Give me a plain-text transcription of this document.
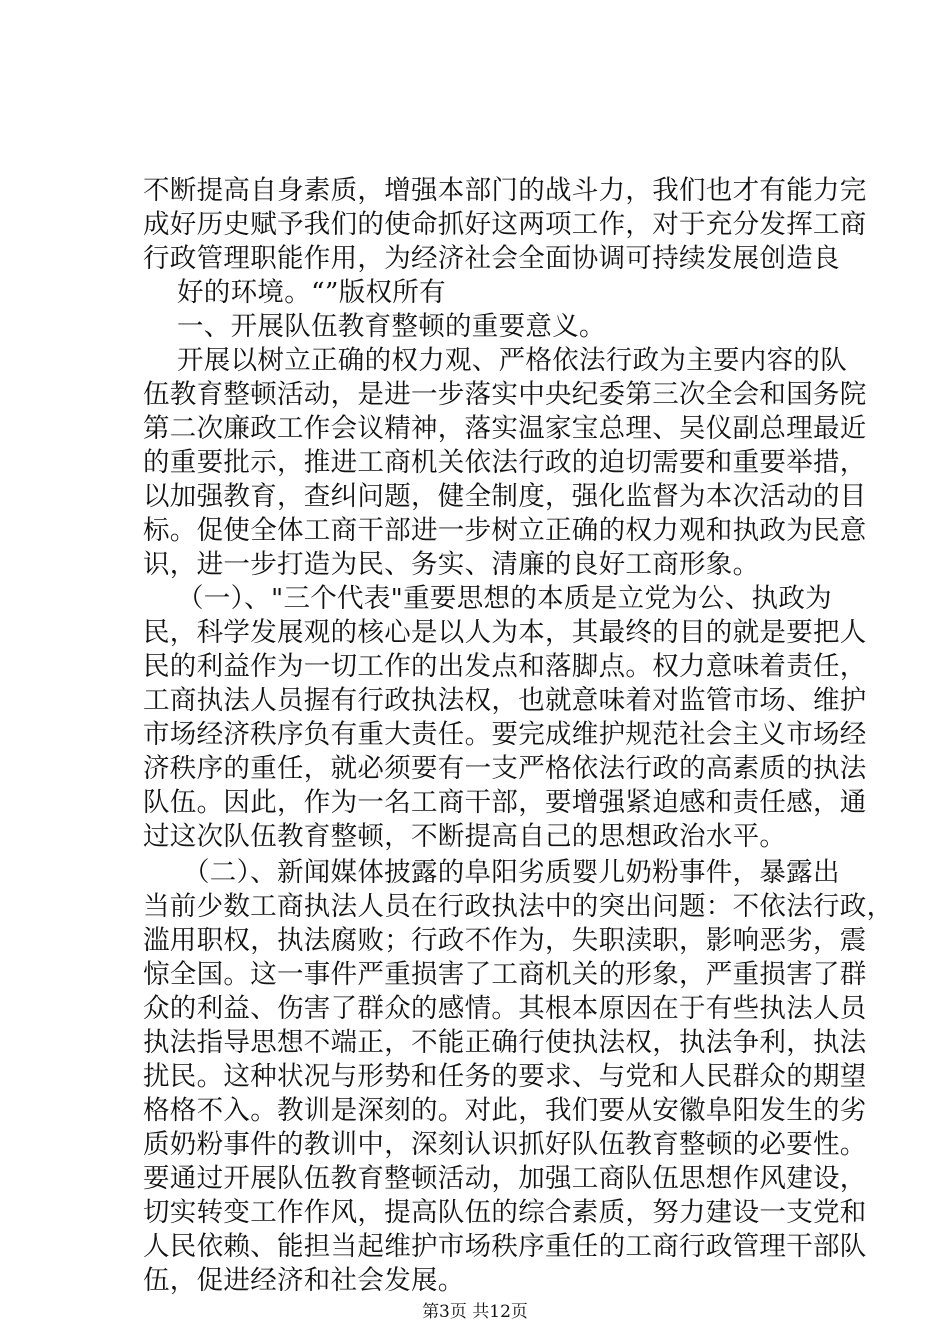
不断提高自身素质，增强本部门的战斗力，我们也才有能力完
成好历史赋予我们的使命抓好这两项工作，对于充分发挥工商
行政管理职能作用，为经济社会全面协调可持续发展创造良
好的环境。“”版权所有
一、开展队伍教育整顿的重要意义。
开展以树立正确的权力观、严格依法行政为主要内容的队
伍教育整顿活动，是进一步落实中央纪委第三次全会和国务院
第二次廉政工作会议精神，落实温家宝总理、吴仪副总理最近
的重要批示，推进工商机关依法行政的迫切需要和重要举措，
以加强教育，查纠问题，健全制度，强化监督为本次活动的目
标。促使全体工商干部进一步树立正确的权力观和执政为民意
识，进一步打造为民、务实、清廉的良好工商形象。
（一）、"三个代表"重要思想的本质是立党为公、执政为
民，科学发展观的核心是以人为本，其最终的目的就是要把人
民的利益作为一切工作的出发点和落脚点。权力意味着责任，
工商执法人员握有行政执法权，也就意味着对监管市场、维护
市场经济秩序负有重大责任。要完成维护规范社会主义市场经
济秩序的重任，就必须要有一支严格依法行政的高素质的执法
队伍。因此，作为一名工商干部，要增强紧迫感和责任感，通
过这次队伍教育整顿，不断提高自己的思想政治水平。
（二）、新闻媒体披露的阜阳劣质婴儿奶粉事件，暴露出
当前少数工商执法人员在行政执法中的突出问题：不依法行政，
滥用职权，执法腐败；行政不作为，失职渎职，影响恶劣，震
惊全国。这一事件严重损害了工商机关的形象，严重损害了群
众的利益、伤害了群众的感情。其根本原因在于有些执法人员
执法指导思想不端正，不能正确行使执法权，执法争利，执法
扰民。这种状况与形势和任务的要求、与党和人民群众的期望
格格不入。教训是深刻的。对此，我们要从安徽阜阳发生的劣
质奶粉事件的教训中，深刻认识抓好队伍教育整顿的必要性。
要通过开展队伍教育整顿活动，加强工商队伍思想作风建设，
切实转变工作作风，提高队伍的综合素质，努力建设一支党和
人民依赖、能担当起维护市场秩序重任的工商行政管理干部队
伍，促进经济和社会发展。
第3页 共12页
